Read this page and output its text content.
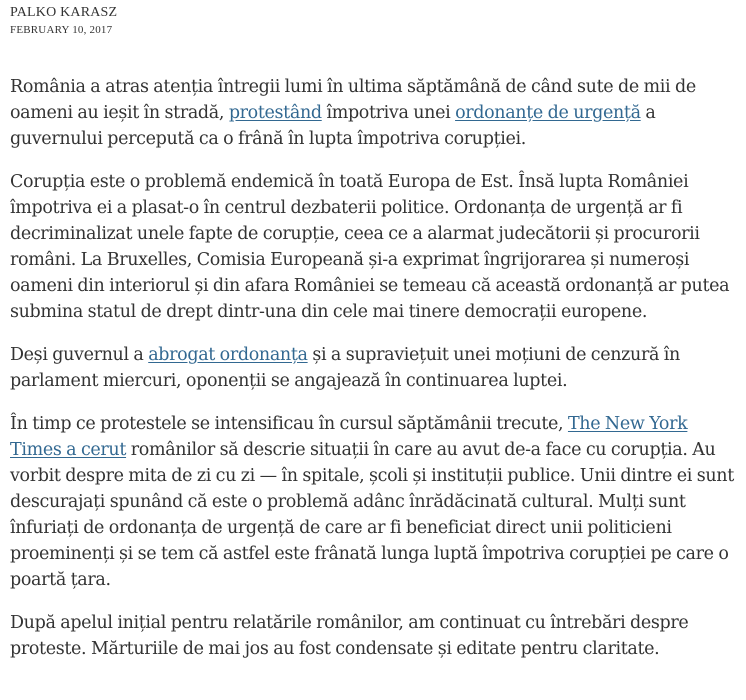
PALKO KARASZ
FEBRUARY 10, 2017

România a atras atenția întregii lumi în ultima săptămână de când sute de mii de oameni au ieșit în stradă, protestând împotriva unei ordonanțe de urgență a guvernului percepută ca o frână în lupta împotriva corupției.

Corupția este o problemă endemică în toată Europa de Est. Însă lupta României împotriva ei a plasat-o în centrul dezbaterii politice. Ordonanța de urgență ar fi decriminalizat unele fapte de corupție, ceea ce a alarmat judecătorii și procurorii români. La Bruxelles, Comisia Europeană și-a exprimat îngrijorarea și numeroși oameni din interiorul și din afara României se temeau că această ordonanță ar putea submina statul de drept dintr-una din cele mai tinere democrații europene.

Deși guvernul a abrogat ordonanța și a supraviețuit unei moțiuni de cenzură în parlament miercuri, oponenții se angajează în continuarea luptei.

În timp ce protestele se intensificau în cursul săptămânii trecute, The New York Times a cerut românilor să descrie situații în care au avut de-a face cu corupția. Au vorbit despre mita de zi cu zi — în spitale, școli și instituții publice. Unii dintre ei sunt descurajați spunând că este o problemă adânc înrădăcinată cultural. Mulți sunt înfuriați de ordonanța de urgență de care ar fi beneficiat direct unii politicieni proeminenți și se tem că astfel este frânată lunga luptă împotriva corupției pe care o poartă țara.

După apelul inițial pentru relatările românilor, am continuat cu întrebări despre proteste. Mărturiile de mai jos au fost condensate și editate pentru claritate.
